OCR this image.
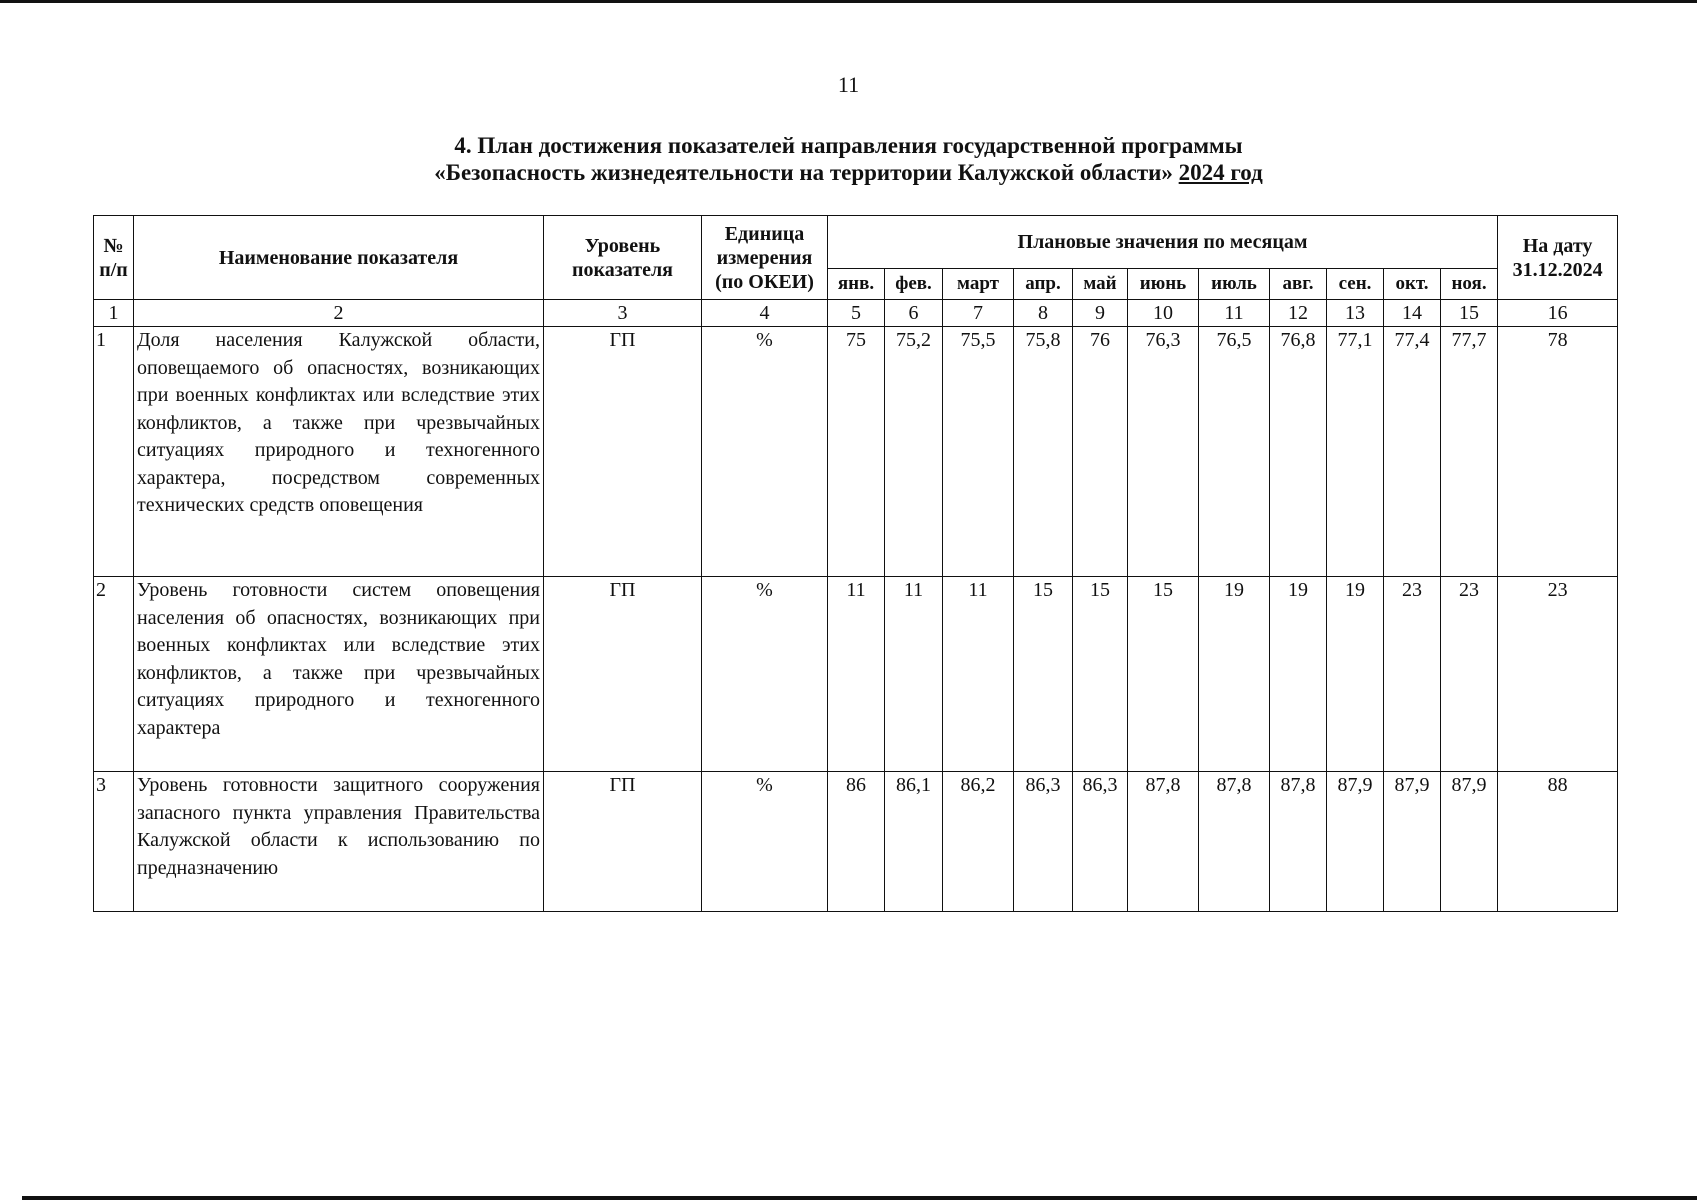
11
4. План достижения показателей направления государственной программы
«Безопасность жизнедеятельности на территории Калужской области» 2024 год
№ п/п	Наименование показателя	Уровень показателя	Единица измерения (по ОКЕИ)	Плановые значения по месяцам											На дату 31.12.2024
				янв.	фев.	март	апр.	май	июнь	июль	авг.	сен.	окт.	ноя.	
1	2	3	4	5	6	7	8	9	10	11	12	13	14	15	16
1	Доля населения Калужской области, оповещаемого об опасностях, возникающих при военных конфликтах или вследствие этих конфликтов, а также при чрезвычайных ситуациях природного и техногенного характера, посредством современных технических средств оповещения	ГП	%	75	75,2	75,5	75,8	76	76,3	76,5	76,8	77,1	77,4	77,7	78
2	Уровень готовности систем оповещения населения об опасностях, возникающих при военных конфликтах или вследствие этих конфликтов, а также при чрезвычайных ситуациях природного и техногенного характера	ГП	%	11	11	11	15	15	15	19	19	19	23	23	23
3	Уровень готовности защитного сооружения запасного пункта управления Правительства Калужской области к использованию по предназначению	ГП	%	86	86,1	86,2	86,3	86,3	87,8	87,8	87,8	87,9	87,9	87,9	88
